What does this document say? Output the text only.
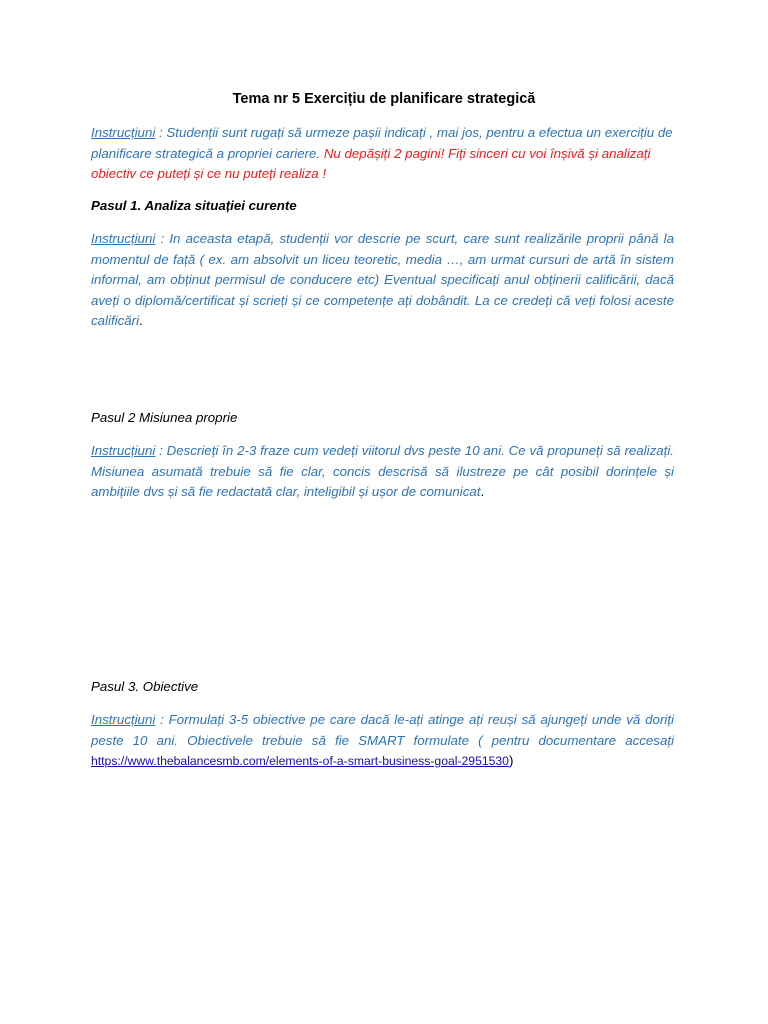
Tema nr 5 Exercițiu de planificare strategică
Instrucțiuni : Studenții sunt rugați să urmeze pașii indicați , mai jos, pentru a efectua un exercițiu de planificare strategică a propriei cariere. Nu depășiți 2 pagini! Fiți sinceri cu voi înșivă și analizați obiectiv ce puteți și ce nu puteți realiza !
Pasul 1. Analiza situației curente
Instrucțiuni : In aceasta etapă, studenții vor descrie pe scurt, care sunt realizările proprii până la momentul de față ( ex. am absolvit un liceu teoretic, media …, am urmat cursuri de artă în sistem informal, am obținut permisul de conducere etc) Eventual specificați anul obținerii calificării, dacă aveți o diplomă/certificat și scrieți și ce competențe ați dobândit. La ce credeți că veți folosi aceste calificări.
Pasul 2 Misiunea proprie
Instrucțiuni : Descrieți în 2-3 fraze cum vedeți viitorul dvs peste 10 ani. Ce vă propuneți să realizați. Misiunea asumată trebuie să fie clar, concis descrisă să ilustreze pe cât posibil dorințele și ambițiile dvs și să fie redactată clar, inteligibil și ușor de comunicat.
Pasul 3. Obiective
Instrucțiuni : Formulați 3-5 obiective pe care dacă le-ați atinge ați reuși să ajungeți unde vă doriți peste 10 ani. Obiectivele trebuie să fie SMART formulate ( pentru documentare accesați https://www.thebalancesmb.com/elements-of-a-smart-business-goal-2951530)
